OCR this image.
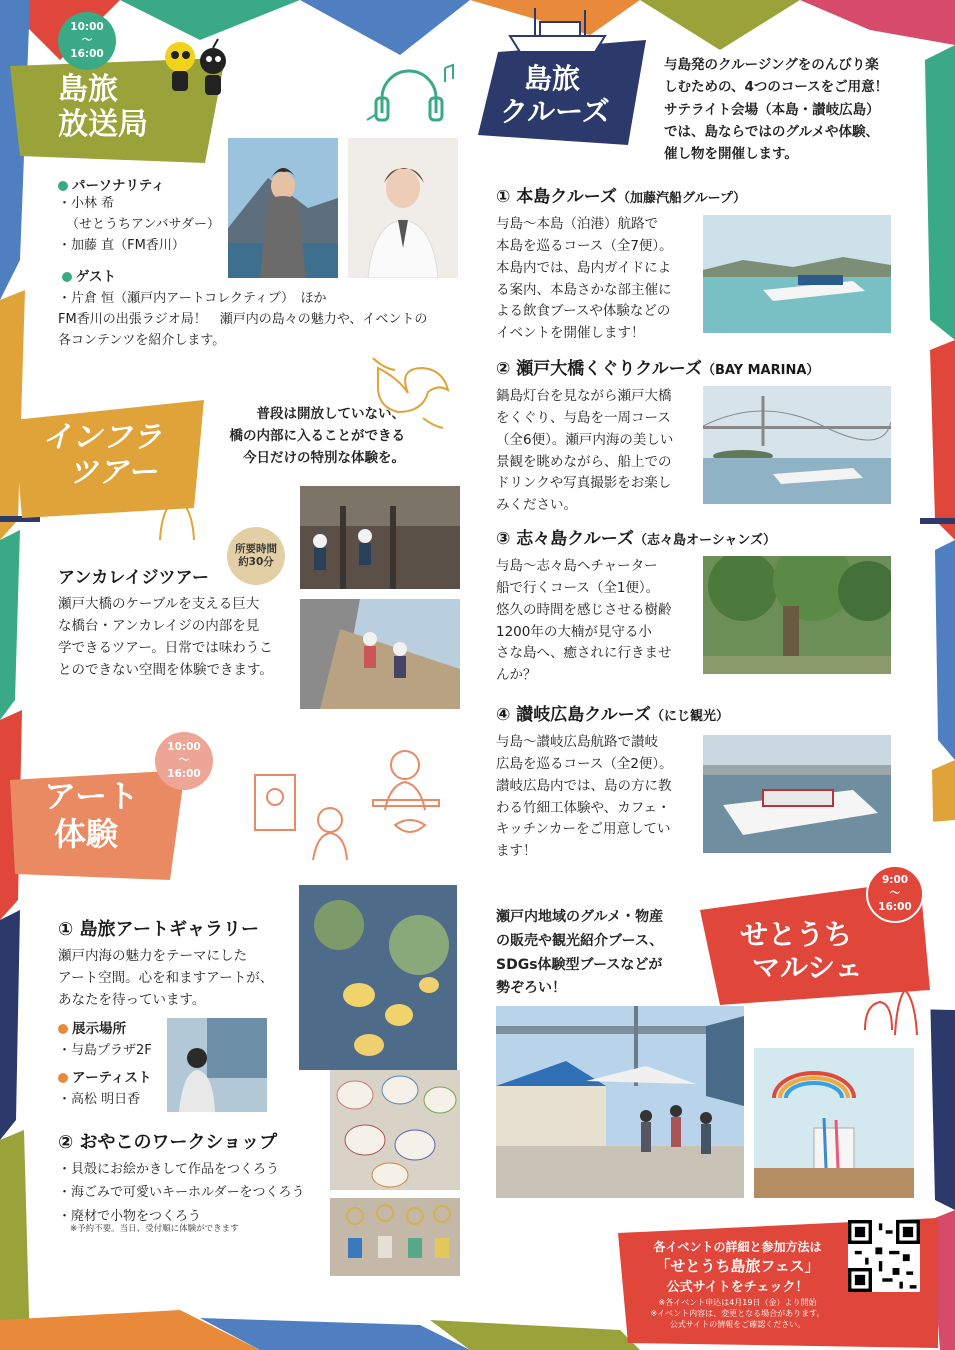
10:00
〜
16:00
島旅
放送局
パーソナリティ
・小林 希
（せとうちアンバサダー）
・加藤 直（FM香川）
ゲスト
・片倉 恒（瀬戸内アートコレクティブ）　ほか
FM香川の出張ラジオ局！　瀬戸内の島々の魅力や、イベントの
各コンテンツを紹介します。
島旅
クルーズ
与島発のクルージングをのんびり楽
しむための、4つのコースをご用意！
サテライト会場（本島・讃岐広島）
では、島ならではのグルメや体験、
催し物を開催します。
① 本島クルーズ（加藤汽船グループ）
与島～本島（泊港）航路で
本島を巡るコース（全7便）。
本島内では、島内ガイドによ
る案内、本島さかな部主催に
よる飲食ブースや体験などの
イベントを開催します！
② 瀬戸大橋くぐりクルーズ（BAY MARINA）
鍋島灯台を見ながら瀬戸大橋
をくぐり、与島を一周コース
（全6便）。瀬戸内海の美しい
景観を眺めながら、船上での
ドリンクや写真撮影をお楽し
みください。
③ 志々島クルーズ（志々島オーシャンズ）
与島～志々島へチャーター
船で行くコース（全1便）。
悠久の時間を感じさせる樹齢
1200年の大楠が見守る小
さな島へ、癒されに行きませ
んか？
④ 讃岐広島クルーズ（にじ観光）
与島～讃岐広島航路で讃岐
広島を巡るコース（全2便）。
讃岐広島内では、島の方に教
わる竹細工体験や、カフェ・
キッチンカーをご用意してい
ます！
インフラ
ツアー
普段は開放していない、
橋の内部に入ることができる
今日だけの特別な体験を。
所要時間
約30分
アンカレイジツアー
瀬戸大橋のケーブルを支える巨大
な橋台・アンカレイジの内部を見
学できるツアー。日常では味わうこ
とのできない空間を体験できます。
10:00
〜
16:00
アート
体験
① 島旅アートギャラリー
瀬戸内海の魅力をテーマにした
アート空間。心を和ますアートが、
あなたを待っています。
展示場所
・与島プラザ2F
アーティスト
・高松 明日香
② おやこのワークショップ
・貝殻にお絵かきして作品をつくろう
・海ごみで可愛いキーホルダーをつくろう
・廃材で小物をつくろう
※予約不要。当日、受付順に体験ができます
9:00
〜
16:00
せとうち
マルシェ
瀬戸内地域のグルメ・物産
の販売や観光紹介ブース、
SDGs体験型ブースなどが
勢ぞろい！
各イベントの詳細と参加方法は
「せとうち島旅フェス」
公式サイトをチェック！
※各イベント申込は4月19日（金）より開始
※イベント内容は、変更となる場合があります。
公式サイトの情報をご確認ください。
